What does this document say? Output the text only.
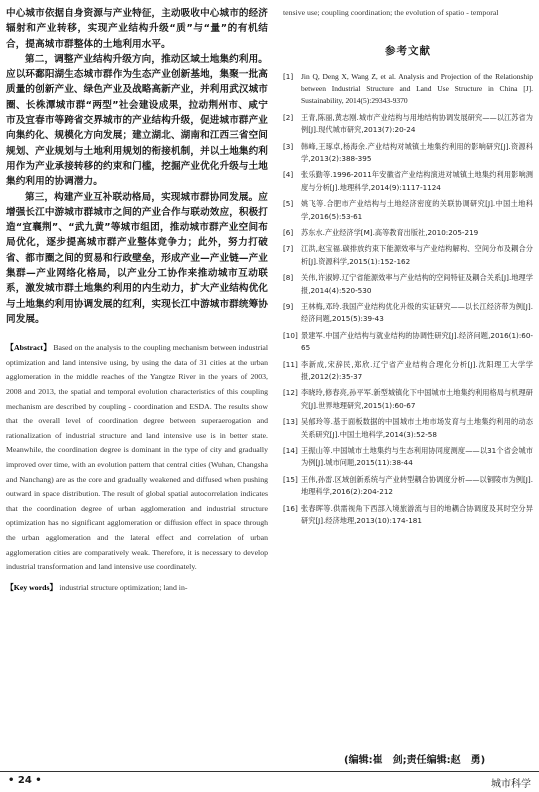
中心城市依据自身资源与产业特征，主动吸收中心城市的经济辐射和产业转移，实现产业结构升级“质”与“量”的有机结合，提高城市群整体的土地利用水平。

第二，调整产业结构升级方向，推动区域土地集约利用。应以环鄱阳湖生态城市群作为生态产业创新基地，集聚一批高质量的创新产业、绿色产业及战略高新产业，并利用武汉城市圈、长株潭城市群“两型”社会建设成果，拉动荆州市、咸宁市及宜春市等跨省交界城市的产业结构升级，促进城市群产业向集约化、规模化方向发展；建立湖北、湖南和江西三省空间规划、产业规划与土地利用规划的衔接机制，并以土地集约利用作为产业承接转移的约束和门槛，挖掘产业优化升级与土地集约利用的协调潜力。

第三，构建产业互补联动格局，实现城市群协同发展。应增强长江中游城市群城市之间的产业合作与联动效应，积极打造“宜襄荆”、“武九黄”等城市组团，推动城市群产业空间布局优化，逐步提高城市群产业整体竞争力；此外，努力打破省、都市圈之间的贸易和行政壁垒，形成产业—产业链—产业集群—产业网络化格局，以产业分工协作来推动城市互动联系，激发城市群土地集约利用的内生动力，扩大产业结构优化与土地集约利用协调发展的红利，实现长江中游城市群统筹协同发展。

【Abstract】 Based on the analysis to the coupling mechanism between industrial optimization and land intensive using, by using the data of 31 cities at the urban agglomeration in the middle reaches of the Yangtze River in the years of 2003, 2008 and 2013, the spatial and temporal evolution characteristics of this coupling mechanism are described by coupling - coordination and ESDA. The results show that the overall level of coordination degree between superaerogation and rationalization of industrial structure and land intensive use is in better state. Meanwhile, the coordination degree is dominant in the type of city and gradually improved over time, with an evolution pattern that central cities (Wuhan, Changsha and Nanchang) are as the core and gradually weakened and diffused when pushing outward in space distribution. The result of global spatial autocorrelation indicates that the coordination degree of urban agglomeration and industrial structure optimization has no significant agglomeration or diffusion effect in space through the urban agglomeration and the lateral effect and correlation of urban agglomeration cities are comparatively weak. Therefore, it is necessary to develop industrial transformation and land intensive use coordinately.
【Key words】 industrial structure optimization; land in-

tensive use; coupling coordination; the evolution of spatio - temporal

参考文献
[1]	Jin Q, Deng X, Wang Z, et al. Analysis and Projection of the Relationship between Industrial Structure and Land Use Structure in China [J]. Sustainability, 2014(5):29343-9370
[2]	王青,陈丽,黄志刚.城市产业结构与用地结构协调发展研究——以江苏省为例[J].现代城市研究,2013(7):20-24
[3]	韩峰,王琢卓,杨海余.产业结构对城镇土地集约利用的影响研究[J].资源科学,2013(2):388-395
[4]	张乐勤等.1996-2011年安徽省产业结构演进对城镇土地集约利用影响测度与分析[J].地理科学,2014(9):1117-1124
[5]	姚飞等.合肥市产业结构与土地经济密度的关联协调研究[J].中国土地科学,2016(5):53-61
[6]	苏东水.产业经济学[M].高等教育出版社,2010:205-219
[7]	江洪,赵宝福.碳排放约束下能源效率与产业结构解构、空间分布及耦合分析[J].资源科学,2015(1):152-162
[8]	关伟,许淑婷.辽宁省能源效率与产业结构的空间特征及耦合关系[J].地理学报,2014(4):520-530
[9]	王林梅,邓玲.我国产业结构优化升级的实证研究——以长江经济带为例[J].经济问题,2015(5):39-43
[10] 景建军.中国产业结构与就业结构的协调性研究[J].经济问题,2016(1):60-65
[11] 李新成,宋辞民,郑欣.辽宁省产业结构合理化分析[J].沈阳理工大学学报,2012(2):35-37
[12] 李晓玲,修春亮,孙平军.新型城镇化下中国城市土地集约利用格局与机理研究[J].世界地理研究,2015(1):60-67
[13] 吴郁玲等.基于面板数据的中国城市土地市场发育与土地集约利用的动态关系研究[J].中国土地科学,2014(3):52-58
[14] 王振山等.中国城市土地集约与生态利用协同度测度——以31个省会城市为例[J].城市问题,2015(11):38-44
[15] 王伟,孙雷.区域创新系统与产业转型耦合协调度分析——以铜陵市为例[J].地理科学,2016(2):204-212
[16] 张春晖等.供需视角下西部入境旅游流与目的地耦合协调度及其时空分异研究[J].经济地理,2013(10):174-181
(编辑:崔　剑;责任编辑:赵　勇)
• 24 •	城市科学
